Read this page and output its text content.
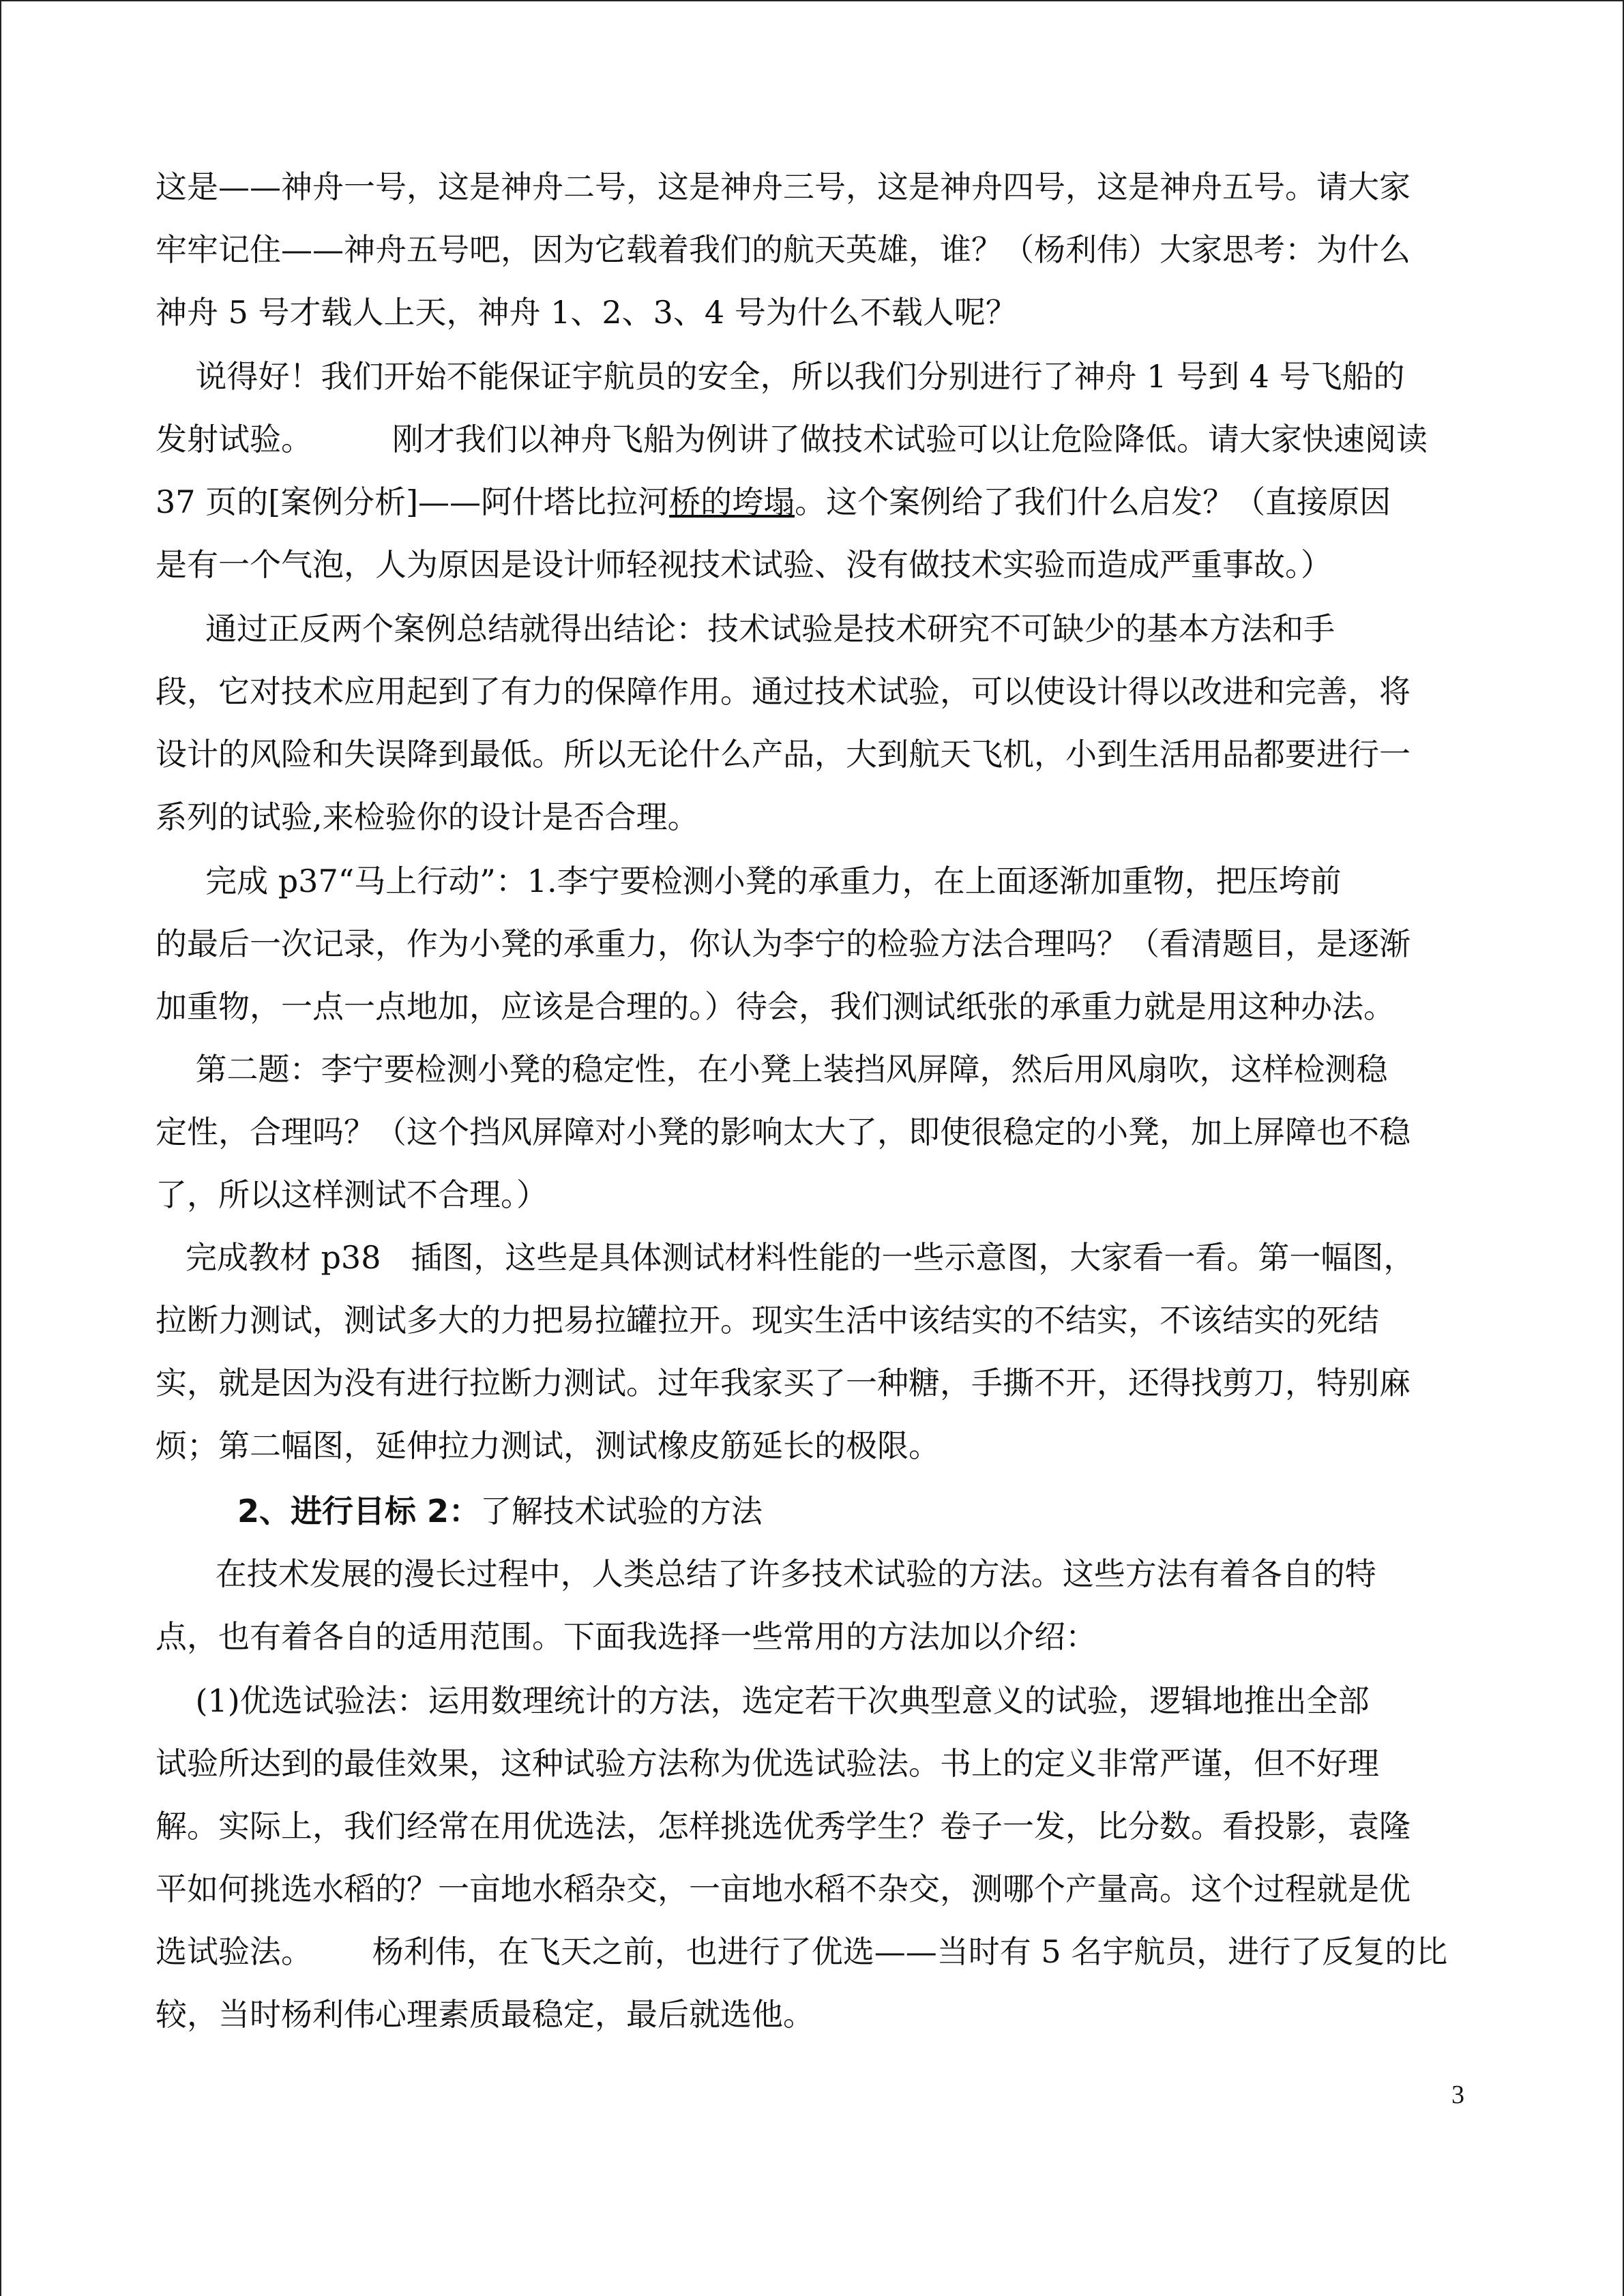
这是——神舟一号，这是神舟二号，这是神舟三号，这是神舟四号，这是神舟五号。请大家
牢牢记住——神舟五号吧，因为它载着我们的航天英雄，谁？（杨利伟）大家思考：为什么
神舟 5 号才载人上天，神舟 1、2、3、4 号为什么不载人呢？
说得好！我们开始不能保证宇航员的安全，所以我们分别进行了神舟 1 号到 4 号飞船的
发射试验。        刚才我们以神舟飞船为例讲了做技术试验可以让危险降低。请大家快速阅读
37 页的[案例分析]——阿什塔比拉河桥的垮塌。这个案例给了我们什么启发？（直接原因
是有一个气泡，人为原因是设计师轻视技术试验、没有做技术实验而造成严重事故。）
通过正反两个案例总结就得出结论：技术试验是技术研究不可缺少的基本方法和手
段，它对技术应用起到了有力的保障作用。通过技术试验，可以使设计得以改进和完善，将
设计的风险和失误降到最低。所以无论什么产品，大到航天飞机，小到生活用品都要进行一
系列的试验,来检验你的设计是否合理。
完成 p37“马上行动”：1.李宁要检测小凳的承重力，在上面逐渐加重物，把压垮前
的最后一次记录，作为小凳的承重力，你认为李宁的检验方法合理吗？（看清题目，是逐渐
加重物，一点一点地加，应该是合理的。）待会，我们测试纸张的承重力就是用这种办法。
第二题：李宁要检测小凳的稳定性，在小凳上装挡风屏障，然后用风扇吹，这样检测稳
定性，合理吗？（这个挡风屏障对小凳的影响太大了，即使很稳定的小凳，加上屏障也不稳
了，所以这样测试不合理。）
完成教材 p38   插图，这些是具体测试材料性能的一些示意图，大家看一看。第一幅图，
拉断力测试，测试多大的力把易拉罐拉开。现实生活中该结实的不结实，不该结实的死结
实，就是因为没有进行拉断力测试。过年我家买了一种糖，手撕不开，还得找剪刀，特别麻
烦；第二幅图，延伸拉力测试，测试橡皮筋延长的极限。
2、进行目标 2：了解技术试验的方法
在技术发展的漫长过程中，人类总结了许多技术试验的方法。这些方法有着各自的特
点，也有着各自的适用范围。下面我选择一些常用的方法加以介绍：
(1)优选试验法：运用数理统计的方法，选定若干次典型意义的试验，逻辑地推出全部
试验所达到的最佳效果，这种试验方法称为优选试验法。书上的定义非常严谨，但不好理
解。实际上，我们经常在用优选法，怎样挑选优秀学生？卷子一发，比分数。看投影，袁隆
平如何挑选水稻的？一亩地水稻杂交，一亩地水稻不杂交，测哪个产量高。这个过程就是优
选试验法。      杨利伟，在飞天之前，也进行了优选——当时有 5 名宇航员，进行了反复的比
较，当时杨利伟心理素质最稳定，最后就选他。
3
